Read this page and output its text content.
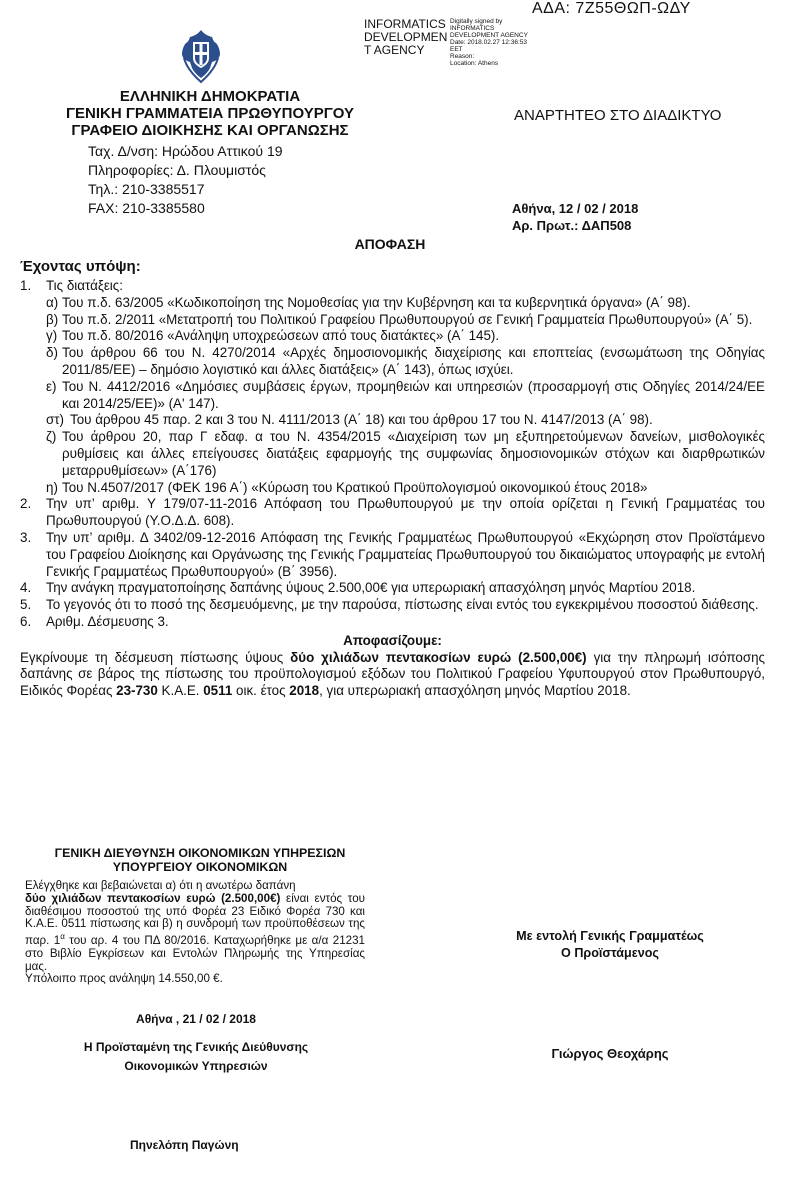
ΑΔΑ: 7Ζ55ΘΩΠ-ΩΔΥ
INFORMATICS
DEVELOPMEN
T AGENCY
Digitally signed by
INFORMATICS
DEVELOPMENT AGENCY
Date: 2018.02.27 12:36:53
EET
Reason:
Location: Athens
ΕΛΛΗΝΙΚΗ ΔΗΜΟΚΡΑΤΙΑ
ΓΕΝΙΚΗ ΓΡΑΜΜΑΤΕΙΑ ΠΡΩΘΥΠΟΥΡΓΟΥ
ΓΡΑΦΕΙΟ ΔΙΟΙΚΗΣΗΣ ΚΑΙ ΟΡΓΑΝΩΣΗΣ
ΑΝΑΡΤΗΤΕΟ ΣΤΟ ΔΙΑΔΙΚΤΥΟ
Ταχ. Δ/νση: Ηρώδου Αττικού 19
Πληροφορίες: Δ. Πλουμιστός
Τηλ.: 210-3385517
FAX: 210-3385580	Αθήνα, 12 / 02 / 2018
Αρ. Πρωτ.: ΔΑΠ508
ΑΠΟΦΑΣΗ
Έχοντας υπόψη:
1.	Τις διατάξεις:
α) Του π.δ. 63/2005 «Κωδικοποίηση της Νομοθεσίας για την Κυβέρνηση και τα κυβερνητικά όργανα» (Α΄ 98).
β) Του π.δ. 2/2011 «Μετατροπή του Πολιτικού Γραφείου Πρωθυπουργού σε Γενική Γραμματεία Πρωθυπουργού» (Α΄ 5).
γ) Του π.δ. 80/2016 «Ανάληψη υποχρεώσεων από τους διατάκτες» (Α΄ 145).
δ) Του άρθρου 66 του Ν. 4270/2014 «Αρχές δημοσιονομικής διαχείρισης και εποπτείας (ενσωμάτωση της Οδηγίας 2011/85/ΕΕ) – δημόσιο λογιστικό και άλλες διατάξεις» (Α΄ 143), όπως ισχύει.
ε) Του Ν. 4412/2016 «Δημόσιες συμβάσεις έργων, προμηθειών και υπηρεσιών (προσαρμογή στις Οδηγίες 2014/24/ΕΕ και 2014/25/ΕΕ)» (Α' 147).
στ) Του άρθρου 45 παρ. 2 και 3 του Ν. 4111/2013 (Α΄ 18) και του άρθρου 17 του Ν. 4147/2013 (Α΄ 98).
ζ) Του άρθρου 20, παρ Γ εδαφ. α του Ν. 4354/2015 «Διαχείριση των μη εξυπηρετούμενων δανείων, μισθολογικές ρυθμίσεις και άλλες επείγουσες διατάξεις εφαρμογής της συμφωνίας δημοσιονομικών στόχων και διαρθρωτικών μεταρρυθμίσεων» (Α΄176)
η) Του Ν.4507/2017 (ΦΕΚ 196 Α΄) «Κύρωση του Κρατικού Προϋπολογισμού οικονομικού έτους 2018»
2.	Την υπ’ αριθμ. Υ 179/07-11-2016 Απόφαση του Πρωθυπουργού με την οποία ορίζεται η Γενική Γραμματέας του Πρωθυπουργού (Υ.Ο.Δ.Δ. 608).
3.	Την υπ’ αριθμ. Δ 3402/09-12-2016 Απόφαση της Γενικής Γραμματέως Πρωθυπουργού «Εκχώρηση στον Προϊστάμενο του Γραφείου Διοίκησης και Οργάνωσης της Γενικής Γραμματείας Πρωθυπουργού του δικαιώματος υπογραφής με εντολή Γενικής Γραμματέως Πρωθυπουργού» (Β΄ 3956).
4.	Την ανάγκη πραγματοποίησης δαπάνης ύψους 2.500,00€ για υπερωριακή απασχόληση μηνός Μαρτίου 2018.
5.	Το γεγονός ότι το ποσό της δεσμευόμενης, με την παρούσα, πίστωσης είναι εντός του εγκεκριμένου ποσοστού διάθεσης.
6.	Αριθμ. Δέσμευσης 3.
Αποφασίζουμε:
Εγκρίνουμε τη δέσμευση πίστωσης ύψους δύο χιλιάδων πεντακοσίων ευρώ (2.500,00€) για την πληρωμή ισόποσης δαπάνης σε βάρος της πίστωσης του προϋπολογισμού εξόδων του Πολιτικού Γραφείου Υφυπουργού στον Πρωθυπουργό, Ειδικός Φορέας 23-730 Κ.Α.Ε. 0511 οικ. έτος 2018, για υπερωριακή απασχόληση μηνός Μαρτίου 2018.
ΓΕΝΙΚΗ ΔΙΕΥΘΥΝΣΗ ΟΙΚΟΝΟΜΙΚΩΝ ΥΠΗΡΕΣΙΩΝ
ΥΠΟΥΡΓΕΙΟΥ ΟΙΚΟΝΟΜΙΚΩΝ
Ελέγχθηκε και βεβαιώνεται α) ότι η ανωτέρω δαπάνη
δύο χιλιάδων πεντακοσίων ευρώ (2.500,00€) είναι εντός του διαθέσιμου ποσοστού της υπό Φορέα 23 Ειδικό Φορέα 730 και Κ.Α.Ε. 0511 πίστωσης και β) η συνδρομή των προϋποθέσεων της παρ. $1^\alpha$ του αρ. 4 του ΠΔ 80/2016. Καταχωρήθηκε με α/α 21231 στο Βιβλίο Εγκρίσεων και Εντολών Πληρωμής της Υπηρεσίας μας.
Υπόλοιπο προς ανάληψη 14.550,00 €.
Αθήνα , 21 / 02 / 2018
Η Προϊσταμένη της Γενικής Διεύθυνσης
Οικονομικών Υπηρεσιών
Πηνελόπη Παγώνη
Με εντολή Γενικής Γραμματέως
Ο Προϊστάμενος
Γιώργος Θεοχάρης
